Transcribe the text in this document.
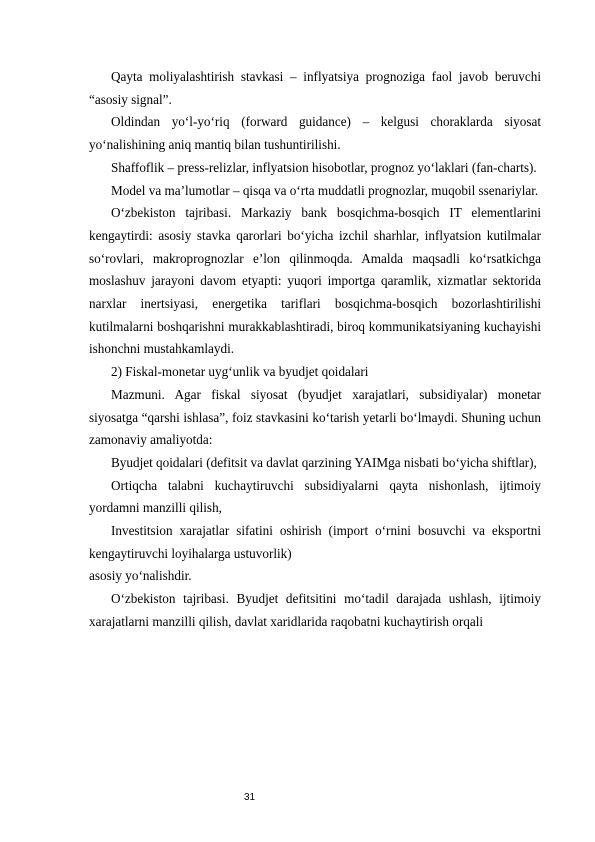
Qayta moliyalashtirish stavkasi – inflyatsiya prognoziga faol javob beruvchi “asosiy signal”.

Oldindan yo‘l-yo‘riq (forward guidance) – kelgusi choraklarda siyosat yo‘nalishining aniq mantiq bilan tushuntirilishi.

Shaffoflik – press-relizlar, inflyatsion hisobotlar, prognoz yo‘laklari (fan-charts).

Model va ma’lumotlar – qisqa va o‘rta muddatli prognozlar, muqobil ssenariylar.

O‘zbekiston tajribasi. Markaziy bank bosqichma-bosqich IT elementlarini kengaytirdi: asosiy stavka qarorlari bo‘yicha izchil sharhlar, inflyatsion kutilmalar so‘rovlari, makroprognozlar e’lon qilinmoqda. Amalda maqsadli ko‘rsatkichga moslashuv jarayoni davom etyapti: yuqori importga qaramlik, xizmatlar sektorida narxlar inertsiyasi, energetika tariflari bosqichma-bosqich bozorlashtirilishi kutilmalarni boshqarishni murakkablashtiradi, biroq kommunikatsiyaning kuchayishi ishonchni mustahkamlaydi.

2) Fiskal-monetar uyg‘unlik va byudjet qoidalari

Mazmuni. Agar fiskal siyosat (byudjet xarajatlari, subsidiyalar) monetar siyosatga “qarshi ishlasa”, foiz stavkasini ko‘tarish yetarli bo‘lmaydi. Shuning uchun zamonaviy amaliyotda:

Byudjet qoidalari (defitsit va davlat qarzining YAIMga nisbati bo‘yicha shiftlar),

Ortiqcha talabni kuchaytiruvchi subsidiyalarni qayta nishonlash, ijtimoiy yordamni manzilli qilish,

Investitsion xarajatlar sifatini oshirish (import o‘rnini bosuvchi va eksportni kengaytiruvchi loyihalarga ustuvorlik)

asosiy yo‘nalishdir.

O‘zbekiston tajribasi. Byudjet defitsitini mo‘tadil darajada ushlash, ijtimoiy xarajatlarni manzilli qilish, davlat xaridlarida raqobatni kuchaytirish orqali

31
